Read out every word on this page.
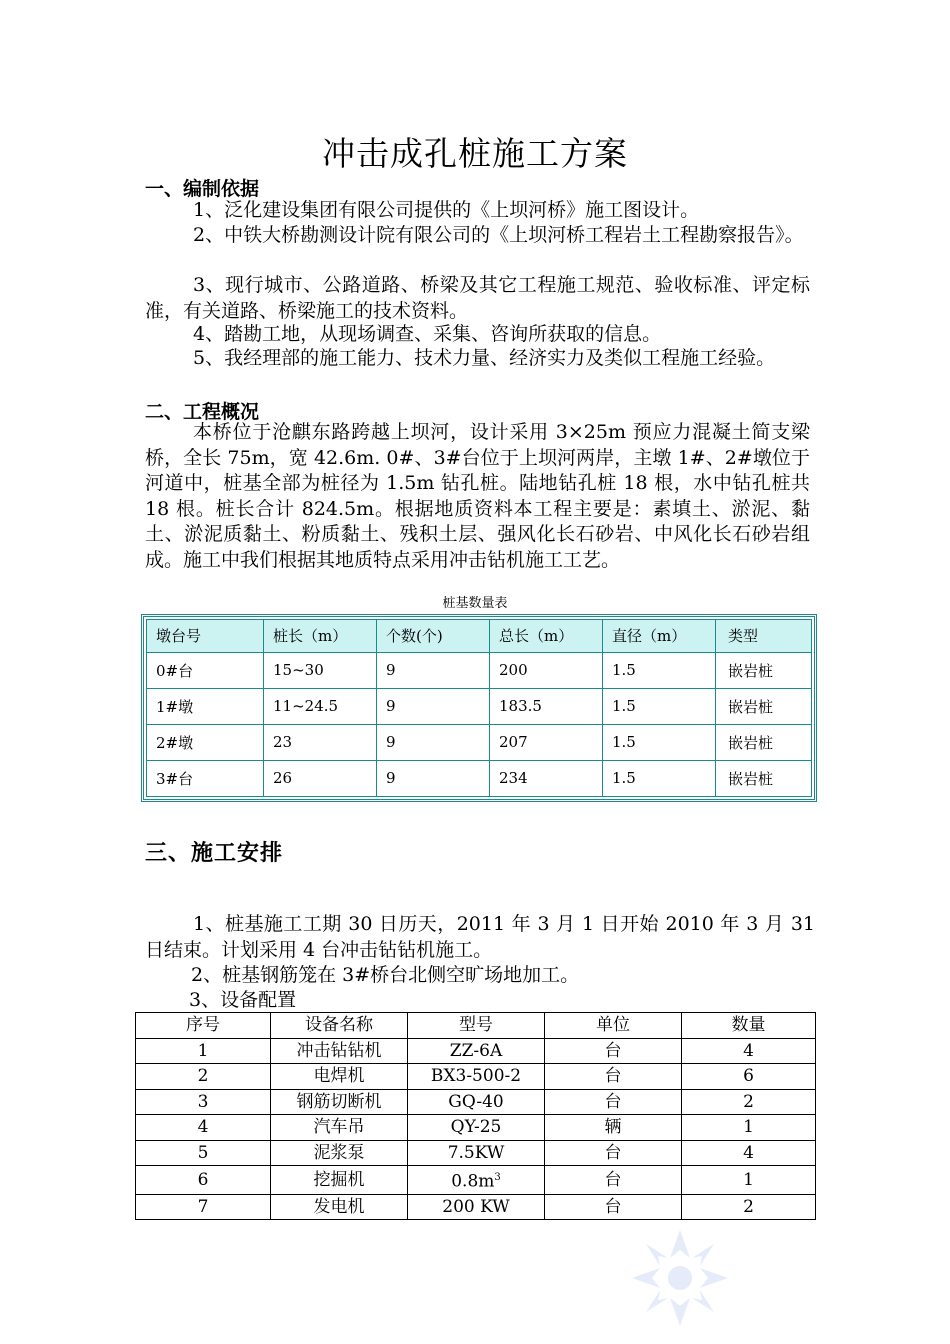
冲击成孔桩施工方案
一、编制依据
1、泛化建设集团有限公司提供的《上坝河桥》施工图设计。
2、中铁大桥勘测设计院有限公司的《上坝河桥工程岩土工程勘察报告》。
3、现行城市、公路道路、桥梁及其它工程施工规范、验收标准、评定标准，有关道路、桥梁施工的技术资料。
4、踏勘工地，从现场调查、采集、咨询所获取的信息。
5、我经理部的施工能力、技术力量、经济实力及类似工程施工经验。
二、工程概况
本桥位于沧麒东路跨越上坝河，设计采用 3×25m 预应力混凝土简支梁桥，全长 75m，宽 42.6m. 0#、3#台位于上坝河两岸，主墩 1#、2#墩位于河道中，桩基全部为桩径为 1.5m 钻孔桩。陆地钻孔桩 18 根，水中钻孔桩共 18 根。桩长合计 824.5m。根据地质资料本工程主要是：素填土、淤泥、黏土、淤泥质黏土、粉质黏土、残积土层、强风化长石砂岩、中风化长石砂岩组成。施工中我们根据其地质特点采用冲击钻机施工工艺。
桩基数量表
墩台号	桩长（m）	个数(个)	总长（m）	直径（m）	类型
0#台	15~30	9	200	1.5	嵌岩桩
1#墩	11~24.5	9	183.5	1.5	嵌岩桩
2#墩	23	9	207	1.5	嵌岩桩
3#台	26	9	234	1.5	嵌岩桩
三、施工安排
1、桩基施工工期 30 日历天，2011 年 3 月 1 日开始 2010 年 3 月 31 日结束。计划采用 4 台冲击钻钻机施工。
2、桩基钢筋笼在 3#桥台北侧空旷场地加工。
3、设备配置
序号	设备名称	型号	单位	数量
1	冲击钻钻机	ZZ-6A	台	4
2	电焊机	BX3-500-2	台	6
3	钢筋切断机	GQ-40	台	2
4	汽车吊	QY-25	辆	1
5	泥浆泵	7.5KW	台	4
6	挖掘机	$0.8m^3$	台	1
7	发电机	200 KW	台	2
